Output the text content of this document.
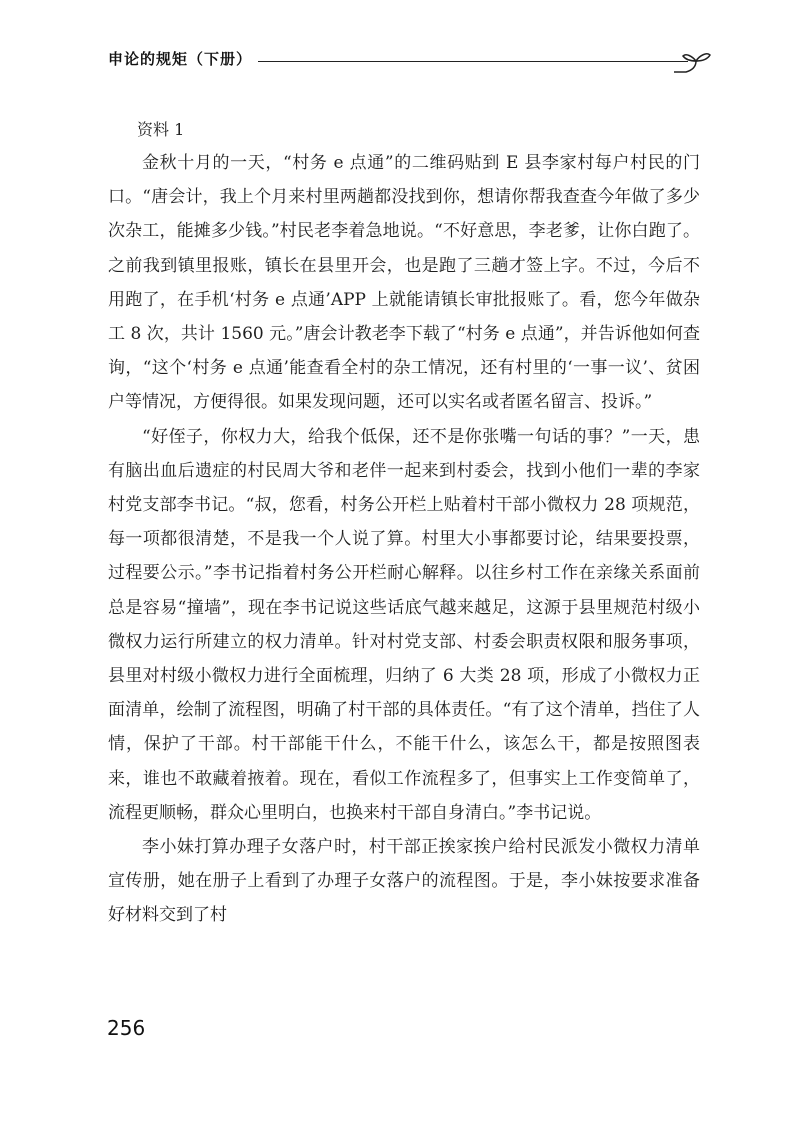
申论的规矩（下册）
资料 1

金秋十月的一天，“村务 e 点通”的二维码贴到 E 县李家村每户村民的门口。“唐会计，我上个月来村里两趟都没找到你，想请你帮我查查今年做了多少次杂工，能摊多少钱。”村民老李着急地说。“不好意思，李老爹，让你白跑了。之前我到镇里报账，镇长在县里开会，也是跑了三趟才签上字。不过，今后不用跑了，在手机‘村务 e 点通’APP 上就能请镇长审批报账了。看，您今年做杂工 8 次，共计 1560 元。”唐会计教老李下载了“村务 e 点通”，并告诉他如何查询，“这个‘村务 e 点通’能查看全村的杂工情况，还有村里的‘一事一议’、贫困户等情况，方便得很。如果发现问题，还可以实名或者匿名留言、投诉。”

“好侄子，你权力大，给我个低保，还不是你张嘴一句话的事？”一天，患有脑出血后遗症的村民周大爷和老伴一起来到村委会，找到小他们一辈的李家村党支部李书记。“叔，您看，村务公开栏上贴着村干部小微权力 28 项规范，每一项都很清楚，不是我一个人说了算。村里大小事都要讨论，结果要投票，过程要公示。”李书记指着村务公开栏耐心解释。以往乡村工作在亲缘关系面前总是容易“撞墙”，现在李书记说这些话底气越来越足，这源于县里规范村级小微权力运行所建立的权力清单。针对村党支部、村委会职责权限和服务事项，县里对村级小微权力进行全面梳理，归纳了 6 大类 28 项，形成了小微权力正面清单，绘制了流程图，明确了村干部的具体责任。“有了这个清单，挡住了人情，保护了干部。村干部能干什么，不能干什么，该怎么干，都是按照图表来，谁也不敢藏着掖着。现在，看似工作流程多了，但事实上工作变简单了，流程更顺畅，群众心里明白，也换来村干部自身清白。”李书记说。

李小妹打算办理子女落户时，村干部正挨家挨户给村民派发小微权力清单宣传册，她在册子上看到了办理子女落户的流程图。于是，李小妹按要求准备好材料交到了村

256
